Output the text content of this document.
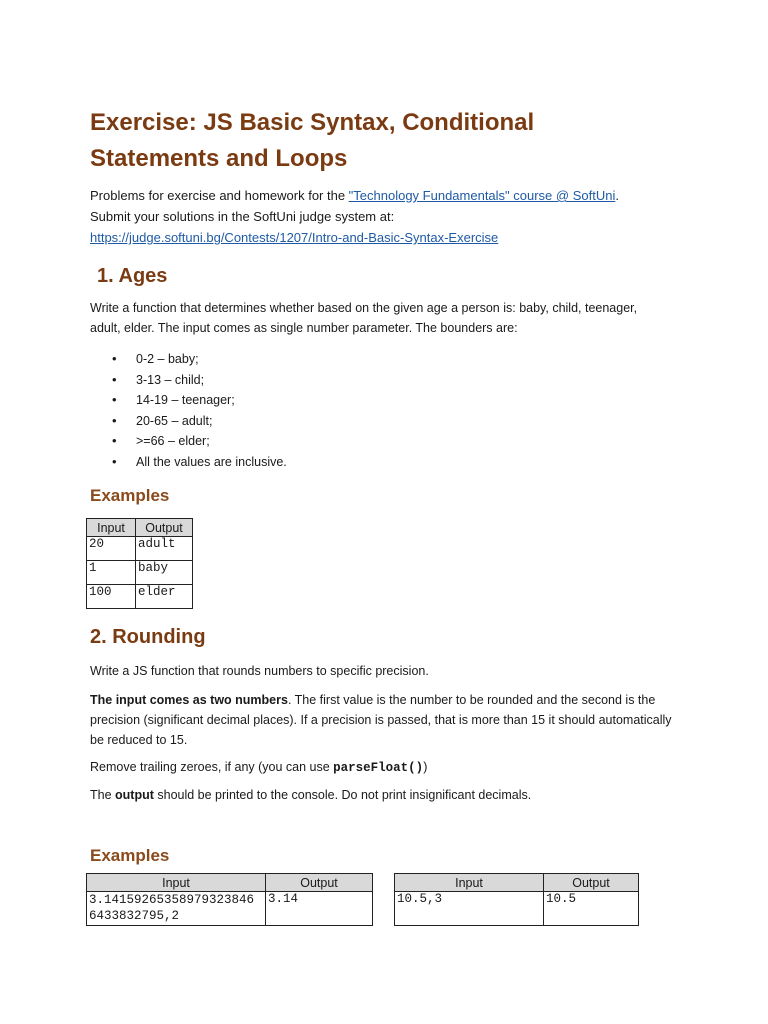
Exercise: JS Basic Syntax, Conditional Statements and Loops

Problems for exercise and homework for the "Technology Fundamentals" course @ SoftUni.

Submit your solutions in the SoftUni judge system at:

https://judge.softuni.bg/Contests/1207/Intro-and-Basic-Syntax-Exercise

1. Ages

Write a function that determines whether based on the given age a person is: baby, child, teenager, adult, elder. The input comes as single number parameter. The bounders are:

• 0-2 – baby;
• 3-13 – child;
• 14-19 – teenager;
• 20-65 – adult;
• >=66 – elder;
• All the values are inclusive.
Examples
Input	Output
20	adult
1	baby
100	elder
2. Rounding

Write a JS function that rounds numbers to specific precision.

The input comes as two numbers. The first value is the number to be rounded and the second is the precision (significant decimal places). If a precision is passed, that is more than 15 it should automatically be reduced to 15.

Remove trailing zeroes, if any (you can use parseFloat())

The output should be printed to the console. Do not print insignificant decimals.

Examples
Input	Output

3.14159265358979323846
6433832795,2	3.14
Input	Output
10.5,3	10.5
